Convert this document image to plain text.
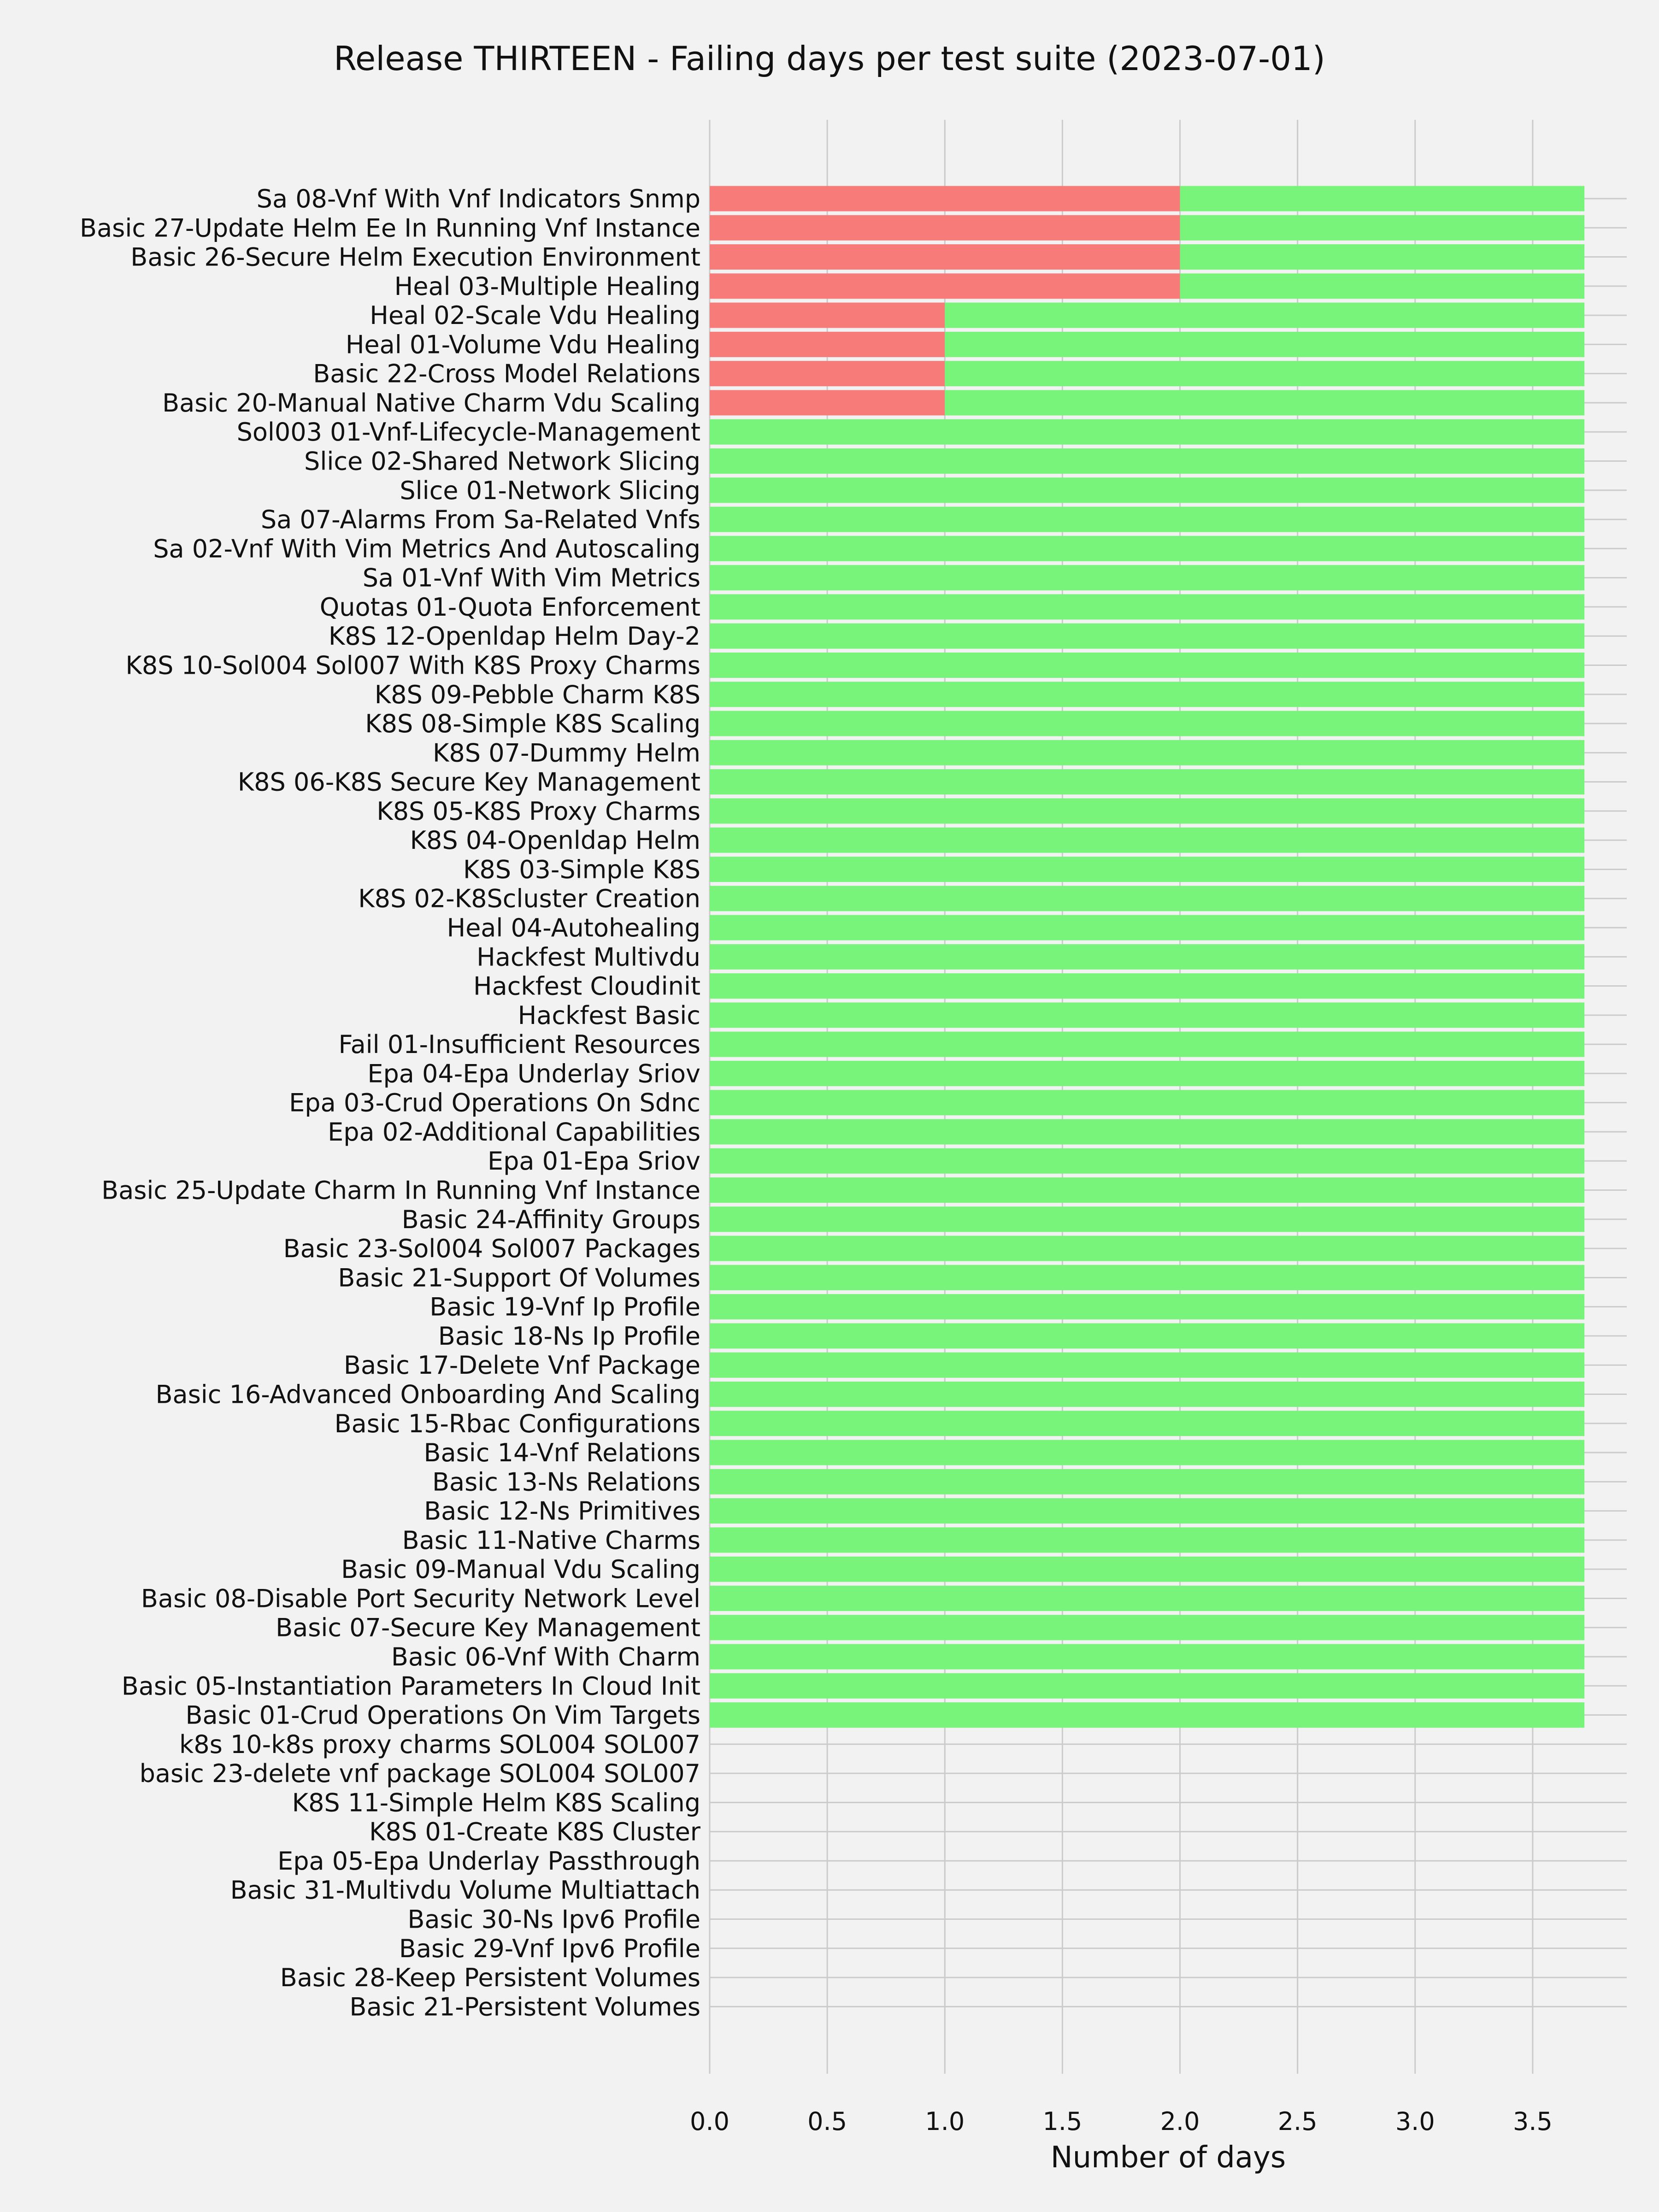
Release THIRTEEN - Failing days per test suite (2023-07-01)
Sa 08-Vnf With Vnf Indicators Snmp
Basic 27-Update Helm Ee In Running Vnf Instance
Basic 26-Secure Helm Execution Environment
Heal 03-Multiple Healing
Heal 02-Scale Vdu Healing
Heal 01-Volume Vdu Healing
Basic 22-Cross Model Relations
Basic 20-Manual Native Charm Vdu Scaling
Sol003 01-Vnf-Lifecycle-Management
Slice 02-Shared Network Slicing
Slice 01-Network Slicing
Sa 07-Alarms From Sa-Related Vnfs
Sa 02-Vnf With Vim Metrics And Autoscaling
Sa 01-Vnf With Vim Metrics
Quotas 01-Quota Enforcement
K8S 12-Openldap Helm Day-2
K8S 10-Sol004 Sol007 With K8S Proxy Charms
K8S 09-Pebble Charm K8S
K8S 08-Simple K8S Scaling
K8S 07-Dummy Helm
K8S 06-K8S Secure Key Management
K8S 05-K8S Proxy Charms
K8S 04-Openldap Helm
K8S 03-Simple K8S
K8S 02-K8Scluster Creation
Heal 04-Autohealing
Hackfest Multivdu
Hackfest Cloudinit
Hackfest Basic
Fail 01-Insufficient Resources
Epa 04-Epa Underlay Sriov
Epa 03-Crud Operations On Sdnc
Epa 02-Additional Capabilities
Epa 01-Epa Sriov
Basic 25-Update Charm In Running Vnf Instance
Basic 24-Affinity Groups
Basic 23-Sol004 Sol007 Packages
Basic 21-Support Of Volumes
Basic 19-Vnf Ip Profile
Basic 18-Ns Ip Profile
Basic 17-Delete Vnf Package
Basic 16-Advanced Onboarding And Scaling
Basic 15-Rbac Configurations
Basic 14-Vnf Relations
Basic 13-Ns Relations
Basic 12-Ns Primitives
Basic 11-Native Charms
Basic 09-Manual Vdu Scaling
Basic 08-Disable Port Security Network Level
Basic 07-Secure Key Management
Basic 06-Vnf With Charm
Basic 05-Instantiation Parameters In Cloud Init
Basic 01-Crud Operations On Vim Targets
k8s 10-k8s proxy charms SOL004 SOL007
basic 23-delete vnf package SOL004 SOL007
K8S 11-Simple Helm K8S Scaling
K8S 01-Create K8S Cluster
Epa 05-Epa Underlay Passthrough
Basic 31-Multivdu Volume Multiattach
Basic 30-Ns Ipv6 Profile
Basic 29-Vnf Ipv6 Profile
Basic 28-Keep Persistent Volumes
Basic 21-Persistent Volumes
0.0	0.5	1.0	1.5	2.0	2.5	3.0	3.5
Number of days
